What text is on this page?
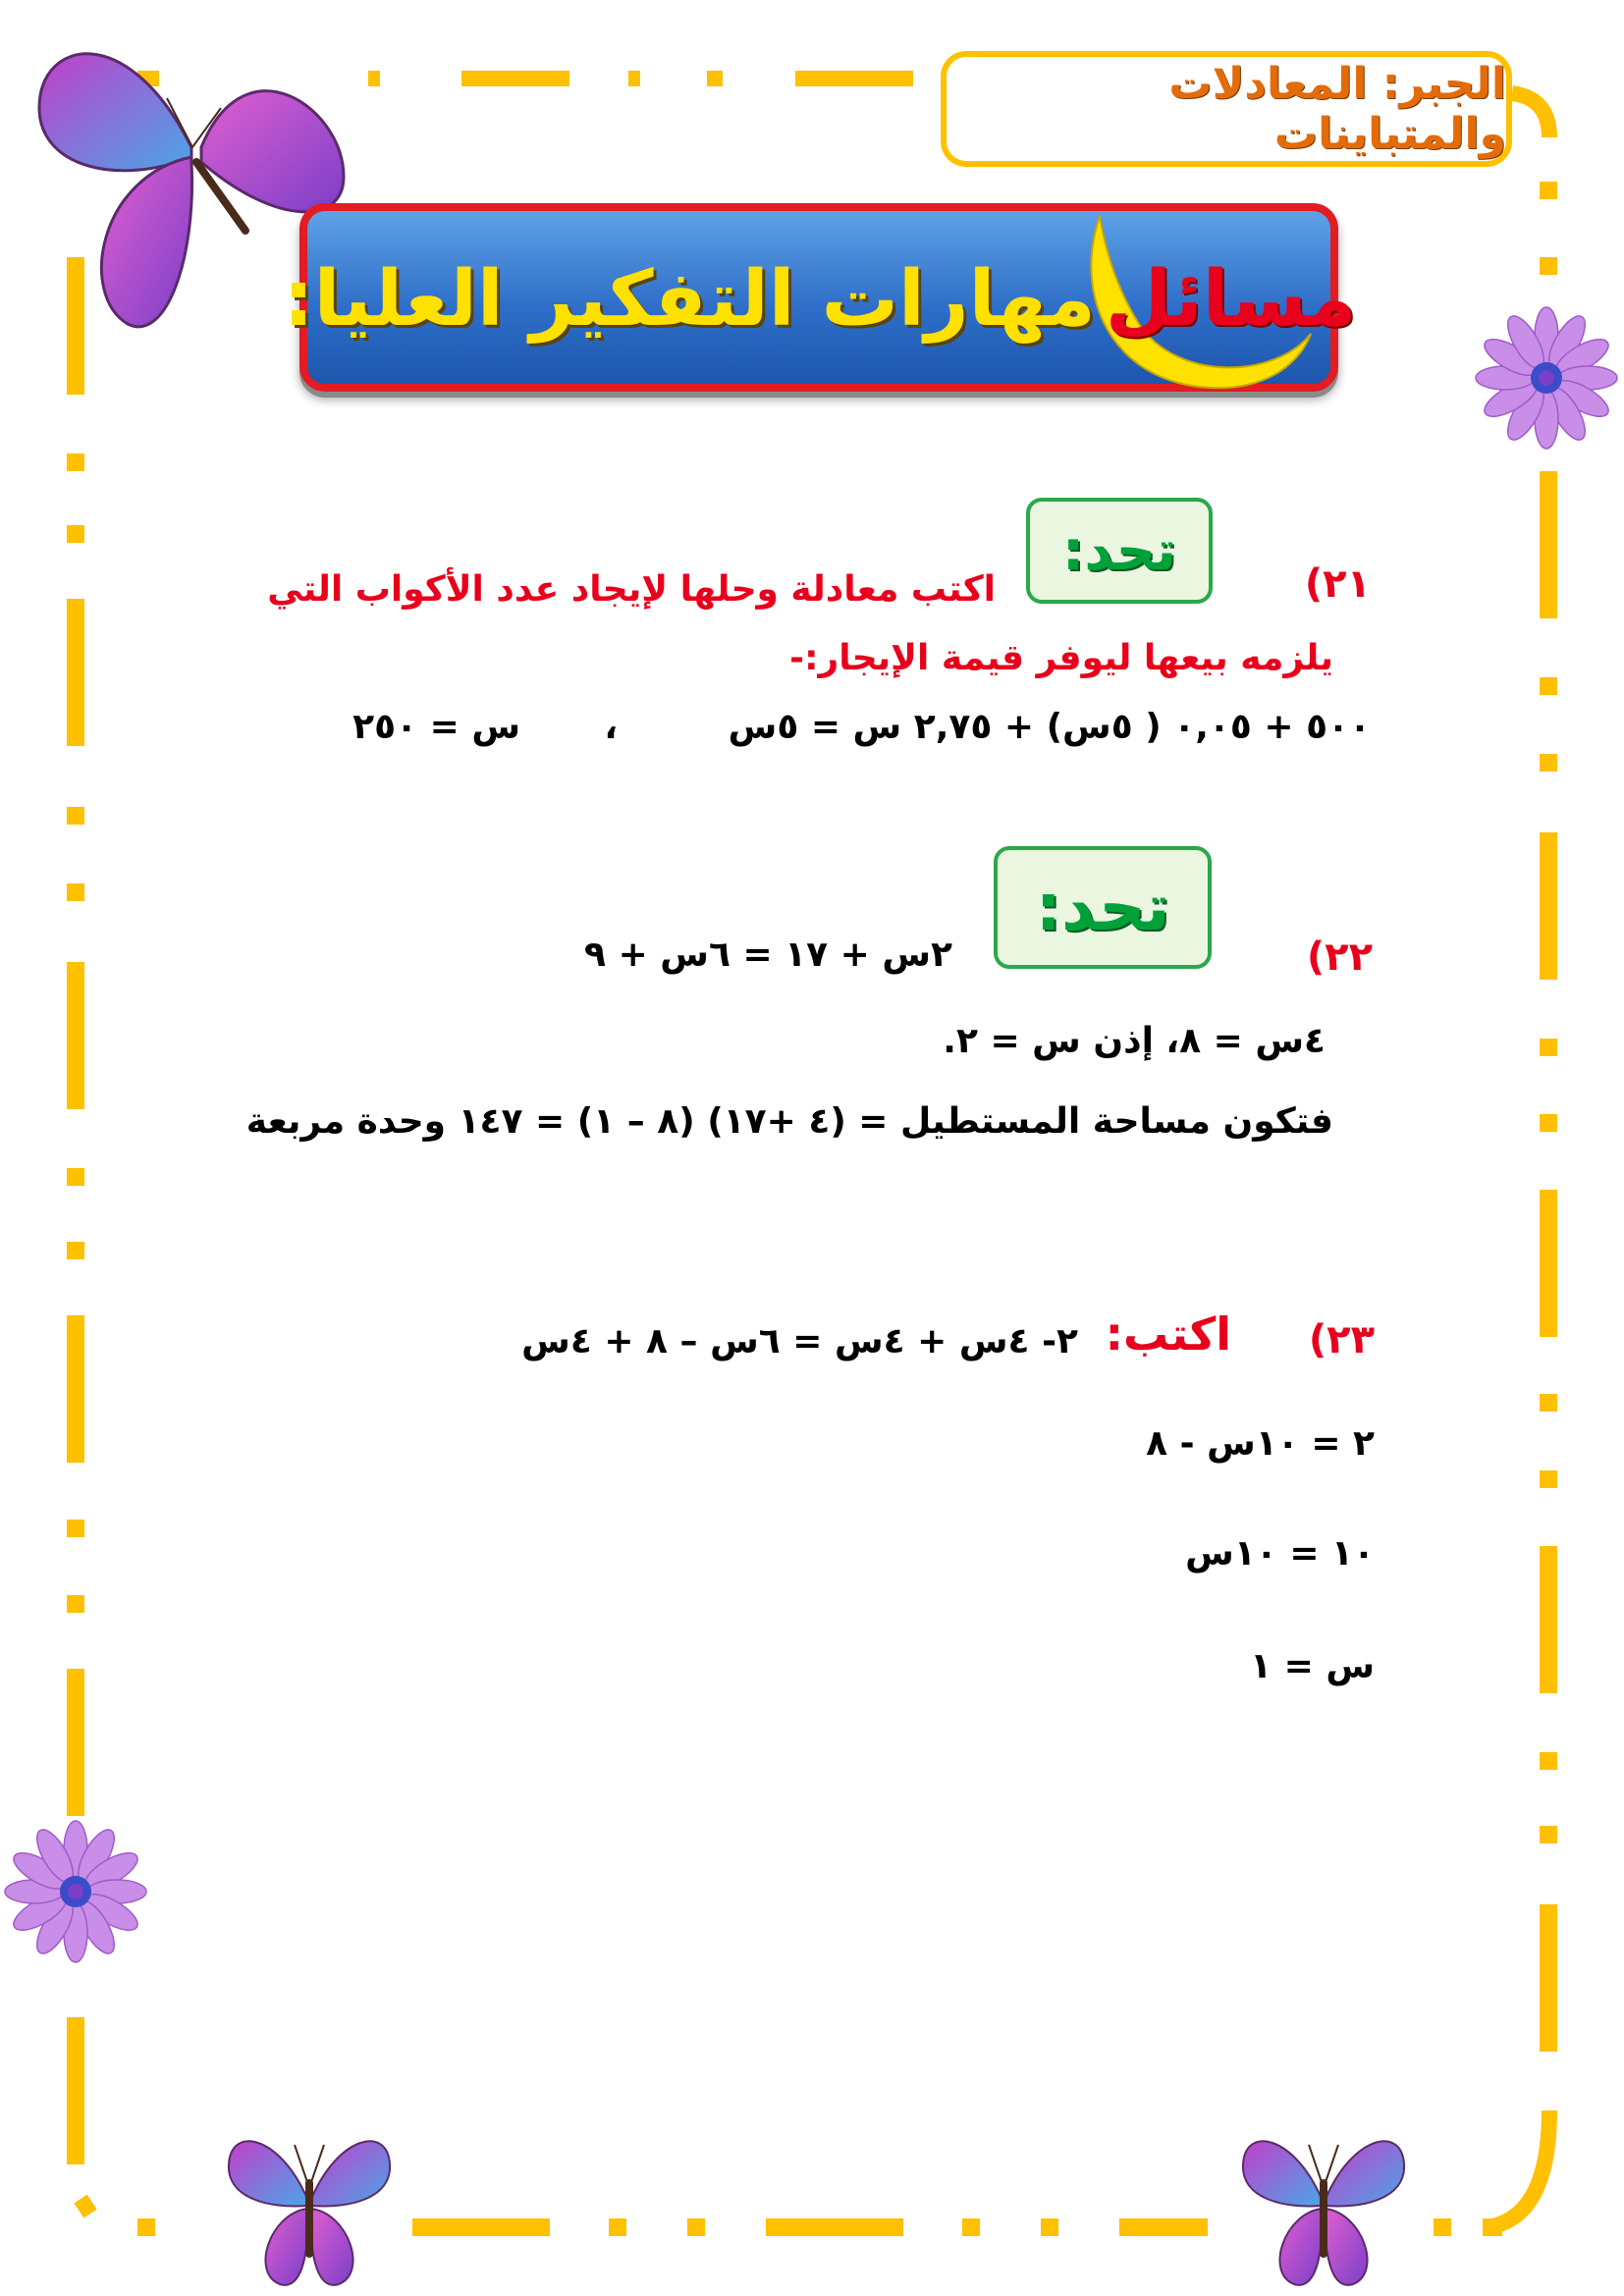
الجبر: المعادلات والمتباينات
مسائل
مهارات التفكير العليا:
تحد:
٢١)
اكتب معادلة وحلها لإيجاد عدد الأكواب التي
يلزمه بيعها ليوفر قيمة الإيجار:-
٥٠٠ + ٠,٠٥ ( ٥س) + ٢,٧٥ س = ٥س
،
س = ٢٥٠
تحد:
٢٢)
٢س + ١٧ = ٦س + ٩
٤س = ٨، إذن س = ٢.
فتكون مساحة المستطيل = (٤ +١٧) (٨ – ١) = ١٤٧ وحدة مربعة
٢٣)
اكتب:
٢- ٤س + ٤س = ٦س – ٨ + ٤س
٢ = ١٠س - ٨
١٠ = ١٠س
س = ١
